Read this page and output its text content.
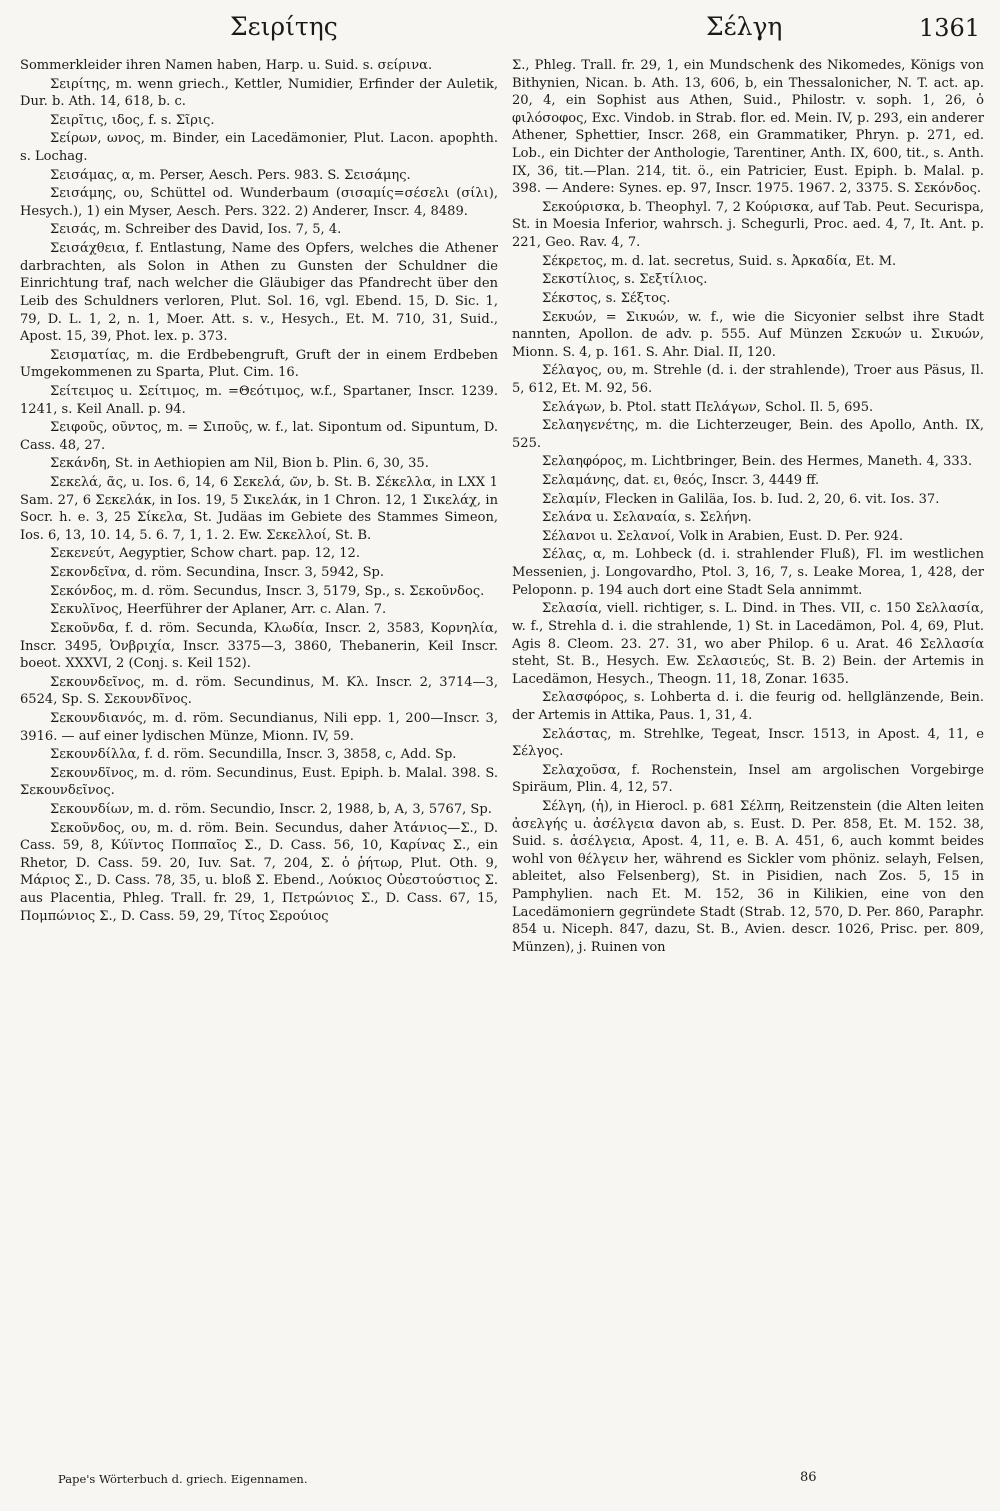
Σειρίτης	Σέλγη	1361

Sommerkleider ihren Namen haben, Harp. u. Suid. s. σείρινα.

Σειρίτης, m. wenn griech., Kettler, Numidier, Erfinder der Auletik, Dur. b. Ath. 14, 618, b. c.

Σειρῖτις, ιδος, f. s. Σῖρις.

Σείρων, ωνος, m. Binder, ein Lacedämonier, Plut. Lacon. apophth. s. Lochag.

Σεισάμας, α, m. Perser, Aesch. Pers. 983. S. Σεισάμης.

Σεισάμης, ου, Schüttel od. Wunderbaum (σισαμίς=σέσελι (σίλι), Hesych.), 1) ein Myser, Aesch. Pers. 322. 2) Anderer, Inscr. 4, 8489.

Σεισάς, m. Schreiber des David, Ios. 7, 5, 4.

Σεισάχθεια, f. Entlastung, Name des Opfers, welches die Athener darbrachten, als Solon in Athen zu Gunsten der Schuldner die Einrichtung traf, nach welcher die Gläubiger das Pfandrecht über den Leib des Schuldners verloren, Plut. Sol. 16, vgl. Ebend. 15, D. Sic. 1, 79, D. L. 1, 2, n. 1, Moer. Att. s. v., Hesych., Et. M. 710, 31, Suid., Apost. 15, 39, Phot. lex. p. 373.

Σεισματίας, m. die Erdbebengruft, Gruft der in einem Erdbeben Umgekommenen zu Sparta, Plut. Cim. 16.

Σείτειμος u. Σείτιμος, m. =Θεότιμος, w.f., Spartaner, Inscr. 1239. 1241, s. Keil Anall. p. 94.

Σειφοῦς, οῦντος, m. = Σιποῦς, w. f., lat. Sipontum od. Sipuntum, D. Cass. 48, 27.

Σεκάνδη, St. in Aethiopien am Nil, Bion b. Plin. 6, 30, 35.

Σεκελά, ᾶς, u. Ios. 6, 14, 6 Σεκελά, ῶν, b. St. B. Σέκελλα, in LXX 1 Sam. 27, 6 Σεκελάκ, in Ios. 19, 5 Σικελάκ, in 1 Chron. 12, 1 Σικελάχ, in Socr. h. e. 3, 25 Σίκελα, St. Judäas im Gebiete des Stammes Simeon, Ios. 6, 13, 10. 14, 5. 6. 7, 1, 1. 2. Ew. Σεκελλοί, St. B.

Σεκενεύτ, Aegyptier, Schow chart. pap. 12, 12.

Σεκονδεῖνα, d. röm. Secundina, Inscr. 3, 5942, Sp.

Σεκόνδος, m. d. röm. Secundus, Inscr. 3, 5179, Sp., s. Σεκοῦνδος.

Σεκυλῖνος, Heerführer der Aplaner, Arr. c. Alan. 7.

Σεκοῦνδα, f. d. röm. Secunda, Κλωδία, Inscr. 2, 3583, Κορνηλία, Inscr. 3495, Ὀνβριχία, Inscr. 3375—3, 3860, Thebanerin, Keil Inscr. boeot. XXXVI, 2 (Conj. s. Keil 152).

Σεκουνδεῖνος, m. d. röm. Secundinus, Μ. Κλ. Inscr. 2, 3714—3, 6524, Sp. S. Σεκουνδῖνος.

Σεκουνδιανός, m. d. röm. Secundianus, Nili epp. 1, 200—Inscr. 3, 3916. — auf einer lydischen Münze, Mionn. IV, 59.

Σεκουνδίλλα, f. d. röm. Secundilla, Inscr. 3, 3858, c, Add. Sp.

Σεκουνδῖνος, m. d. röm. Secundinus, Eust. Epiph. b. Malal. 398. S. Σεκουνδεῖνος.

Σεκουνδίων, m. d. röm. Secundio, Inscr. 2, 1988, b, A, 3, 5767, Sp.

Σεκοῦνδος, ου, m. d. röm. Bein. Secundus, daher Ἀτάνιος—Σ., D. Cass. 59, 8, Κύϊντος Ποππαῖος Σ., D. Cass. 56, 10, Καρίνας Σ., ein Rhetor, D. Cass. 59. 20, Iuv. Sat. 7, 204, Σ. ὁ ῥήτωρ, Plut. Oth. 9, Μάριος Σ., D. Cass. 78, 35, u. bloß Σ. Ebend., Λούκιος Οὐεστούστιος Σ. aus Placentia, Phleg. Trall. fr. 29, 1, Πετρώνιος Σ., D. Cass. 67, 15, Πομπώνιος Σ., D. Cass. 59, 29, Τίτος Σερούιος

Σ., Phleg. Trall. fr. 29, 1, ein Mundschenk des Nikomedes, Königs von Bithynien, Nican. b. Ath. 13, 606, b, ein Thessalonicher, N. T. act. ap. 20, 4, ein Sophist aus Athen, Suid., Philostr. v. soph. 1, 26, ὁ φιλόσοφος, Exc. Vindob. in Strab. flor. ed. Mein. IV, p. 293, ein anderer Athener, Sphettier, Inscr. 268, ein Grammatiker, Phryn. p. 271, ed. Lob., ein Dichter der Anthologie, Tarentiner, Anth. IX, 600, tit., s. Anth. IX, 36, tit.—Plan. 214, tit. ö., ein Patricier, Eust. Epiph. b. Malal. p. 398. — Andere: Synes. ep. 97, Inscr. 1975. 1967. 2, 3375. S. Σεκόνδος.

Σεκούρισκα, b. Theophyl. 7, 2 Κούρισκα, auf Tab. Peut. Securispa, St. in Moesia Inferior, wahrsch. j. Schegurli, Proc. aed. 4, 7, It. Ant. p. 221, Geo. Rav. 4, 7.

Σέκρετος, m. d. lat. secretus, Suid. s. Ἀρκαδία, Et. M.

Σεκστίλιος, s. Σεξτίλιος.

Σέκστος, s. Σέξτος.

Σεκυών, = Σικυών, w. f., wie die Sicyonier selbst ihre Stadt nannten, Apollon. de adv. p. 555. Auf Münzen Σεκυών u. Σικυών, Mionn. S. 4, p. 161. S. Ahr. Dial. II, 120.

Σέλαγος, ου, m. Strehle (d. i. der strahlende), Troer aus Päsus, Il. 5, 612, Et. M. 92, 56.

Σελάγων, b. Ptol. statt Πελάγων, Schol. Il. 5, 695.

Σελαηγενέτης, m. die Lichterzeuger, Bein. des Apollo, Anth. IX, 525.

Σελαηφόρος, m. Lichtbringer, Bein. des Hermes, Maneth. 4, 333.

Σελαμάνης, dat. ει, θεός, Inscr. 3, 4449 ff.

Σελαμίν, Flecken in Galiläa, Ios. b. Iud. 2, 20, 6. vit. Ios. 37.

Σελάνα u. Σελαναία, s. Σελήνη.

Σέλανοι u. Σελανοί, Volk in Arabien, Eust. D. Per. 924.

Σέλας, α, m. Lohbeck (d. i. strahlender Fluß), Fl. im westlichen Messenien, j. Longovardho, Ptol. 3, 16, 7, s. Leake Morea, 1, 428, der Peloponn. p. 194 auch dort eine Stadt Sela annimmt.

Σελασία, viell. richtiger, s. L. Dind. in Thes. VII, c. 150 Σελλασία, w. f., Strehla d. i. die strahlende, 1) St. in Lacedämon, Pol. 4, 69, Plut. Agis 8. Cleom. 23. 27. 31, wo aber Philop. 6 u. Arat. 46 Σελλασία steht, St. B., Hesych. Ew. Σελασιεύς, St. B. 2) Bein. der Artemis in Lacedämon, Hesych., Theogn. 11, 18, Zonar. 1635.

Σελασφόρος, s. Lohberta d. i. die feurig od. hellglänzende, Bein. der Artemis in Attika, Paus. 1, 31, 4.

Σελάστας, m. Strehlke, Tegeat, Inscr. 1513, in Apost. 4, 11, e Σέλγος.

Σελαχοῦσα, f. Rochenstein, Insel am argolischen Vorgebirge Spiräum, Plin. 4, 12, 57.

Σέλγη, (ἡ), in Hierocl. p. 681 Σέλπη, Reitzenstein (die Alten leiten ἀσελγής u. ἀσέλγεια davon ab, s. Eust. D. Per. 858, Et. M. 152. 38, Suid. s. ἀσέλγεια, Apost. 4, 11, e. B. A. 451, 6, auch kommt beides wohl von θέλγειν her, während es Sickler vom phöniz. selayh, Felsen, ableitet, also Felsenberg), St. in Pisidien, nach Zos. 5, 15 in Pamphylien. nach Et. M. 152, 36 in Kilikien, eine von den Lacedämoniern gegründete Stadt (Strab. 12, 570, D. Per. 860, Paraphr. 854 u. Niceph. 847, dazu, St. B., Avien. descr. 1026, Prisc. per. 809, Münzen), j. Ruinen von

Pape's Wörterbuch d. griech. Eigennamen.	86
